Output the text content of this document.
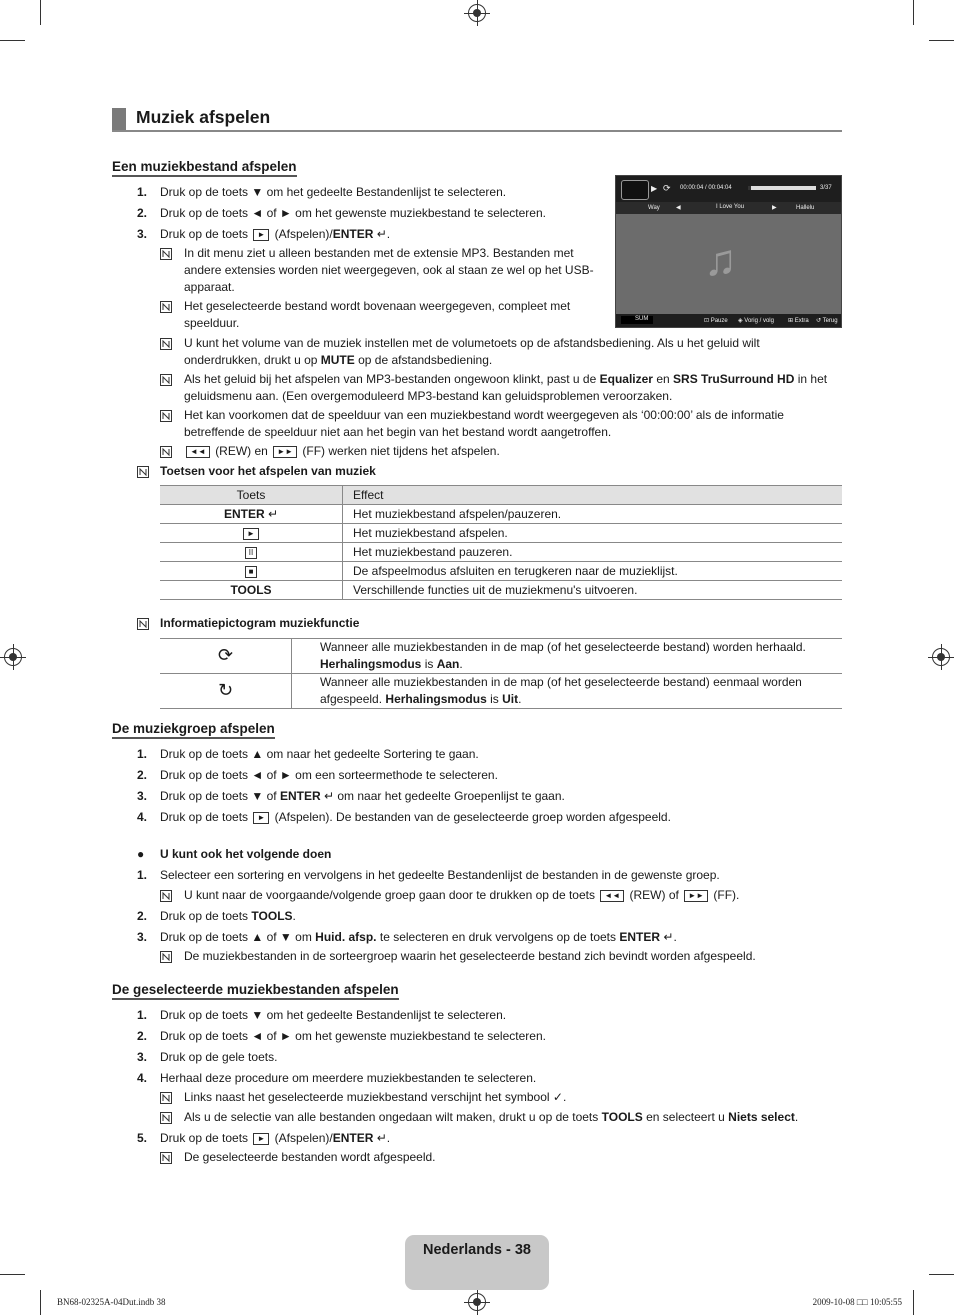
Muziek afspelen
Een muziekbestand afspelen
1. Druk op de toets ▼ om het gedeelte Bestandenlijst te selecteren.
2. Druk op de toets ◄ of ► om het gewenste muziekbestand te selecteren.
3. Druk op de toets ► (Afspelen)/ENTER ↵.
In dit menu ziet u alleen bestanden met de extensie MP3. Bestanden met
andere extensies worden niet weergegeven, ook al staan ze wel op het USB-
apparaat.
Het geselecteerde bestand wordt bovenaan weergegeven, compleet met
speelduur.
U kunt het volume van de muziek instellen met de volumetoets op de afstandsbediening. Als u het geluid wilt
onderdrukken, drukt u op MUTE op de afstandsbediening.
Als het geluid bij het afspelen van MP3-bestanden ongewoon klinkt, past u de Equalizer en SRS TruSurround HD in het
geluidsmenu aan. (Een overgemoduleerd MP3-bestand kan geluidsproblemen veroorzaken.
Het kan voorkomen dat de speelduur van een muziekbestand wordt weergegeven als ‘00:00:00’ als de informatie
betreffende de speelduur niet aan het begin van het bestand wordt aangetroffen.
◄◄ (REW) en ►► (FF) werken niet tijdens het afspelen.
Toetsen voor het afspelen van muziek
Toets	Effect
ENTER ↵	Het muziekbestand afspelen/pauzeren.
►	Het muziekbestand afspelen.
II	Het muziekbestand pauzeren.
■	De afspeelmodus afsluiten en terugkeren naar de muzieklijst.
TOOLS	Verschillende functies uit de muziekmenu's uitvoeren.
Informatiepictogram muziekfunctie
⟳	Wanneer alle muziekbestanden in de map (of het geselecteerde bestand) worden herhaald.
Herhalingsmodus is Aan.
↻	Wanneer alle muziekbestanden in de map (of het geselecteerde bestand) eenmaal worden
afgespeeld. Herhalingsmodus is Uit.
▶ ⟳ 00:00:04 / 00:04:04	3/37
Way	◀	I Love You	▶	Hallelu
♫
SUM	⊡ Pauze ◈ Vorig / volg ⊞ Extra ↺ Terug
De muziekgroep afspelen
1. Druk op de toets ▲ om naar het gedeelte Sortering te gaan.
2. Druk op de toets ◄ of ► om een sorteermethode te selecteren.
3. Druk op de toets ▼ of ENTER ↵ om naar het gedeelte Groepenlijst te gaan.
4. Druk op de toets ► (Afspelen). De bestanden van de geselecteerde groep worden afgespeeld.
● U kunt ook het volgende doen
1. Selecteer een sortering en vervolgens in het gedeelte Bestandenlijst de bestanden in de gewenste groep.
U kunt naar de voorgaande/volgende groep gaan door te drukken op de toets ◄◄ (REW) of ►► (FF).
2. Druk op de toets TOOLS.
3. Druk op de toets ▲ of ▼ om Huid. afsp. te selecteren en druk vervolgens op de toets ENTER ↵.
De muziekbestanden in de sorteergroep waarin het geselecteerde bestand zich bevindt worden afgespeeld.
De geselecteerde muziekbestanden afspelen
1. Druk op de toets ▼ om het gedeelte Bestandenlijst te selecteren.
2. Druk op de toets ◄ of ► om het gewenste muziekbestand te selecteren.
3. Druk op de gele toets.
4. Herhaal deze procedure om meerdere muziekbestanden te selecteren.
Links naast het geselecteerde muziekbestand verschijnt het symbool ✓.
Als u de selectie van alle bestanden ongedaan wilt maken, drukt u op de toets TOOLS en selecteert u Niets select.
5. Druk op de toets ► (Afspelen)/ENTER ↵.
De geselecteerde bestanden wordt afgespeeld.
Nederlands - 38
BN68-02325A-04Dut.indb 38	2009-10-08 □□ 10:05:55
